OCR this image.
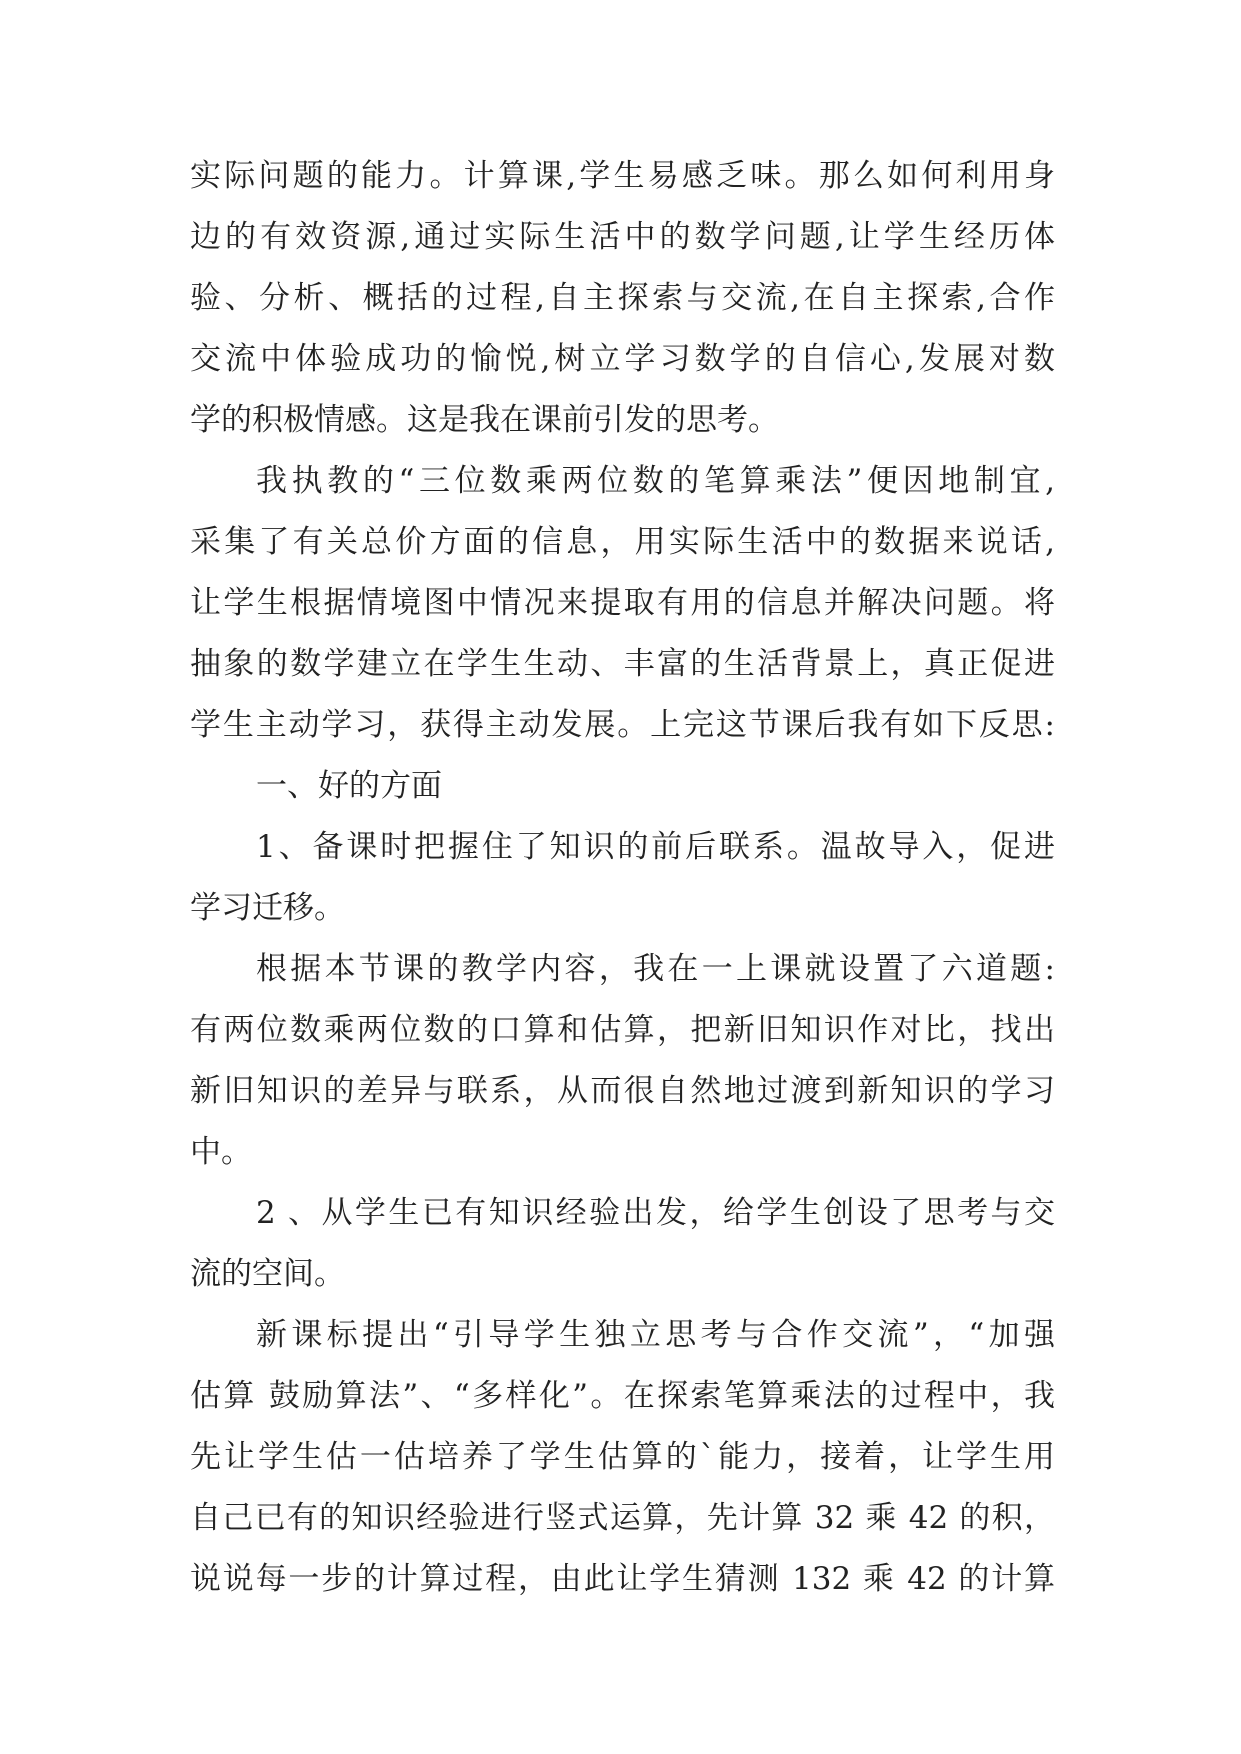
实际问题的能力。计算课,学生易感乏味。那么如何利用身
边的有效资源,通过实际生活中的数学问题,让学生经历体
验、分析、概括的过程,自主探索与交流,在自主探索,合作
交流中体验成功的愉悦,树立学习数学的自信心,发展对数
学的积极情感。这是我在课前引发的思考。
我执教的“三位数乘两位数的笔算乘法”便因地制宜,
采集了有关总价方面的信息，用实际生活中的数据来说话,
让学生根据情境图中情况来提取有用的信息并解决问题。将
抽象的数学建立在学生生动、丰富的生活背景上，真正促进
学生主动学习，获得主动发展。上完这节课后我有如下反思:
一、好的方面
1、备课时把握住了知识的前后联系。温故导入，促进
学习迁移。
根据本节课的教学内容，我在一上课就设置了六道题:
有两位数乘两位数的口算和估算，把新旧知识作对比，找出
新旧知识的差异与联系，从而很自然地过渡到新知识的学习
中。
2 、从学生已有知识经验出发，给学生创设了思考与交
流的空间。
新课标提出“引导学生独立思考与合作交流”，“加强
估算 鼓励算法”、“多样化”。在探索笔算乘法的过程中，我
先让学生估一估培养了学生估算的`能力，接着，让学生用
自己已有的知识经验进行竖式运算，先计算 32 乘 42 的积，
说说每一步的计算过程，由此让学生猜测 132 乘 42 的计算
